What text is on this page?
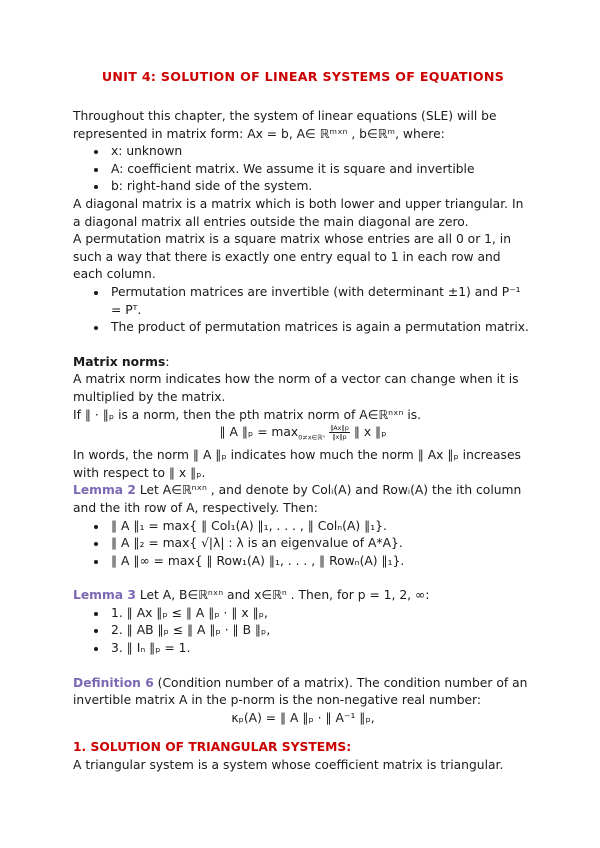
UNIT 4: SOLUTION OF LINEAR SYSTEMS OF EQUATIONS

Throughout this chapter, the system of linear equations (SLE) will be

represented in matrix form: Ax = b, A∈ ℝᵐˣⁿ , b∈ℝᵐ, where:

• x: unknown
• A: coefficient matrix. We assume it is square and invertible
• b: right-hand side of the system.

A diagonal matrix is a matrix which is both lower and upper triangular. In a diagonal matrix all entries outside the main diagonal are zero.

A permutation matrix is a square matrix whose entries are all 0 or 1, in such a way that there is exactly one entry equal to 1 in each row and each column.

• Permutation matrices are invertible (with determinant ±1) and P⁻¹ = Pᵀ.
• The product of permutation matrices is again a permutation matrix.

Matrix norms:

A matrix norm indicates how the norm of a vector can change when it is multiplied by the matrix.

If ∥ · ∥ₚ is a norm, then the pth matrix norm of A∈ℝⁿˣⁿ is.

∥ A ∥ₚ = $\max_{0\ne x\in ℝ^n} \frac{\parallel Ax\parallel p}{\parallel x\parallel p}$ ∥ x ∥ₚ

In words, the norm ∥ A ∥ₚ indicates how much the norm ∥ Ax ∥ₚ increases with respect to ∥ x ∥ₚ.

Lemma 2 Let A∈ℝⁿˣⁿ , and denote by Colᵢ(A) and Rowᵢ(A) the ith column and the ith row of A, respectively. Then:

• ∥ A ∥₁ = max{ ∥ Col₁(A) ∥₁, . . . , ∥ Colₙ(A) ∥₁}.
• ∥ A ∥₂ = max{ √|λ| : λ is an eigenvalue of A*A}.
• ∥ A ∥∞ = max{ ∥ Row₁(A) ∥₁, . . . , ∥ Rowₙ(A) ∥₁}.

Lemma 3 Let A, B∈ℝⁿˣⁿ and x∈ℝⁿ . Then, for p = 1, 2, ∞:

• 1. ∥ Ax ∥ₚ ≤ ∥ A ∥ₚ · ∥ x ∥ₚ,
• 2. ∥ AB ∥ₚ ≤ ∥ A ∥ₚ · ∥ B ∥ₚ,
• 3. ∥ Iₙ ∥ₚ = 1.

Definition 6 (Condition number of a matrix). The condition number of an invertible matrix A in the p-norm is the non-negative real number:

κₚ(A) = ∥ A ∥ₚ · ∥ A⁻¹ ∥ₚ,

1. SOLUTION OF TRIANGULAR SYSTEMS:

A triangular system is a system whose coefficient matrix is triangular.
